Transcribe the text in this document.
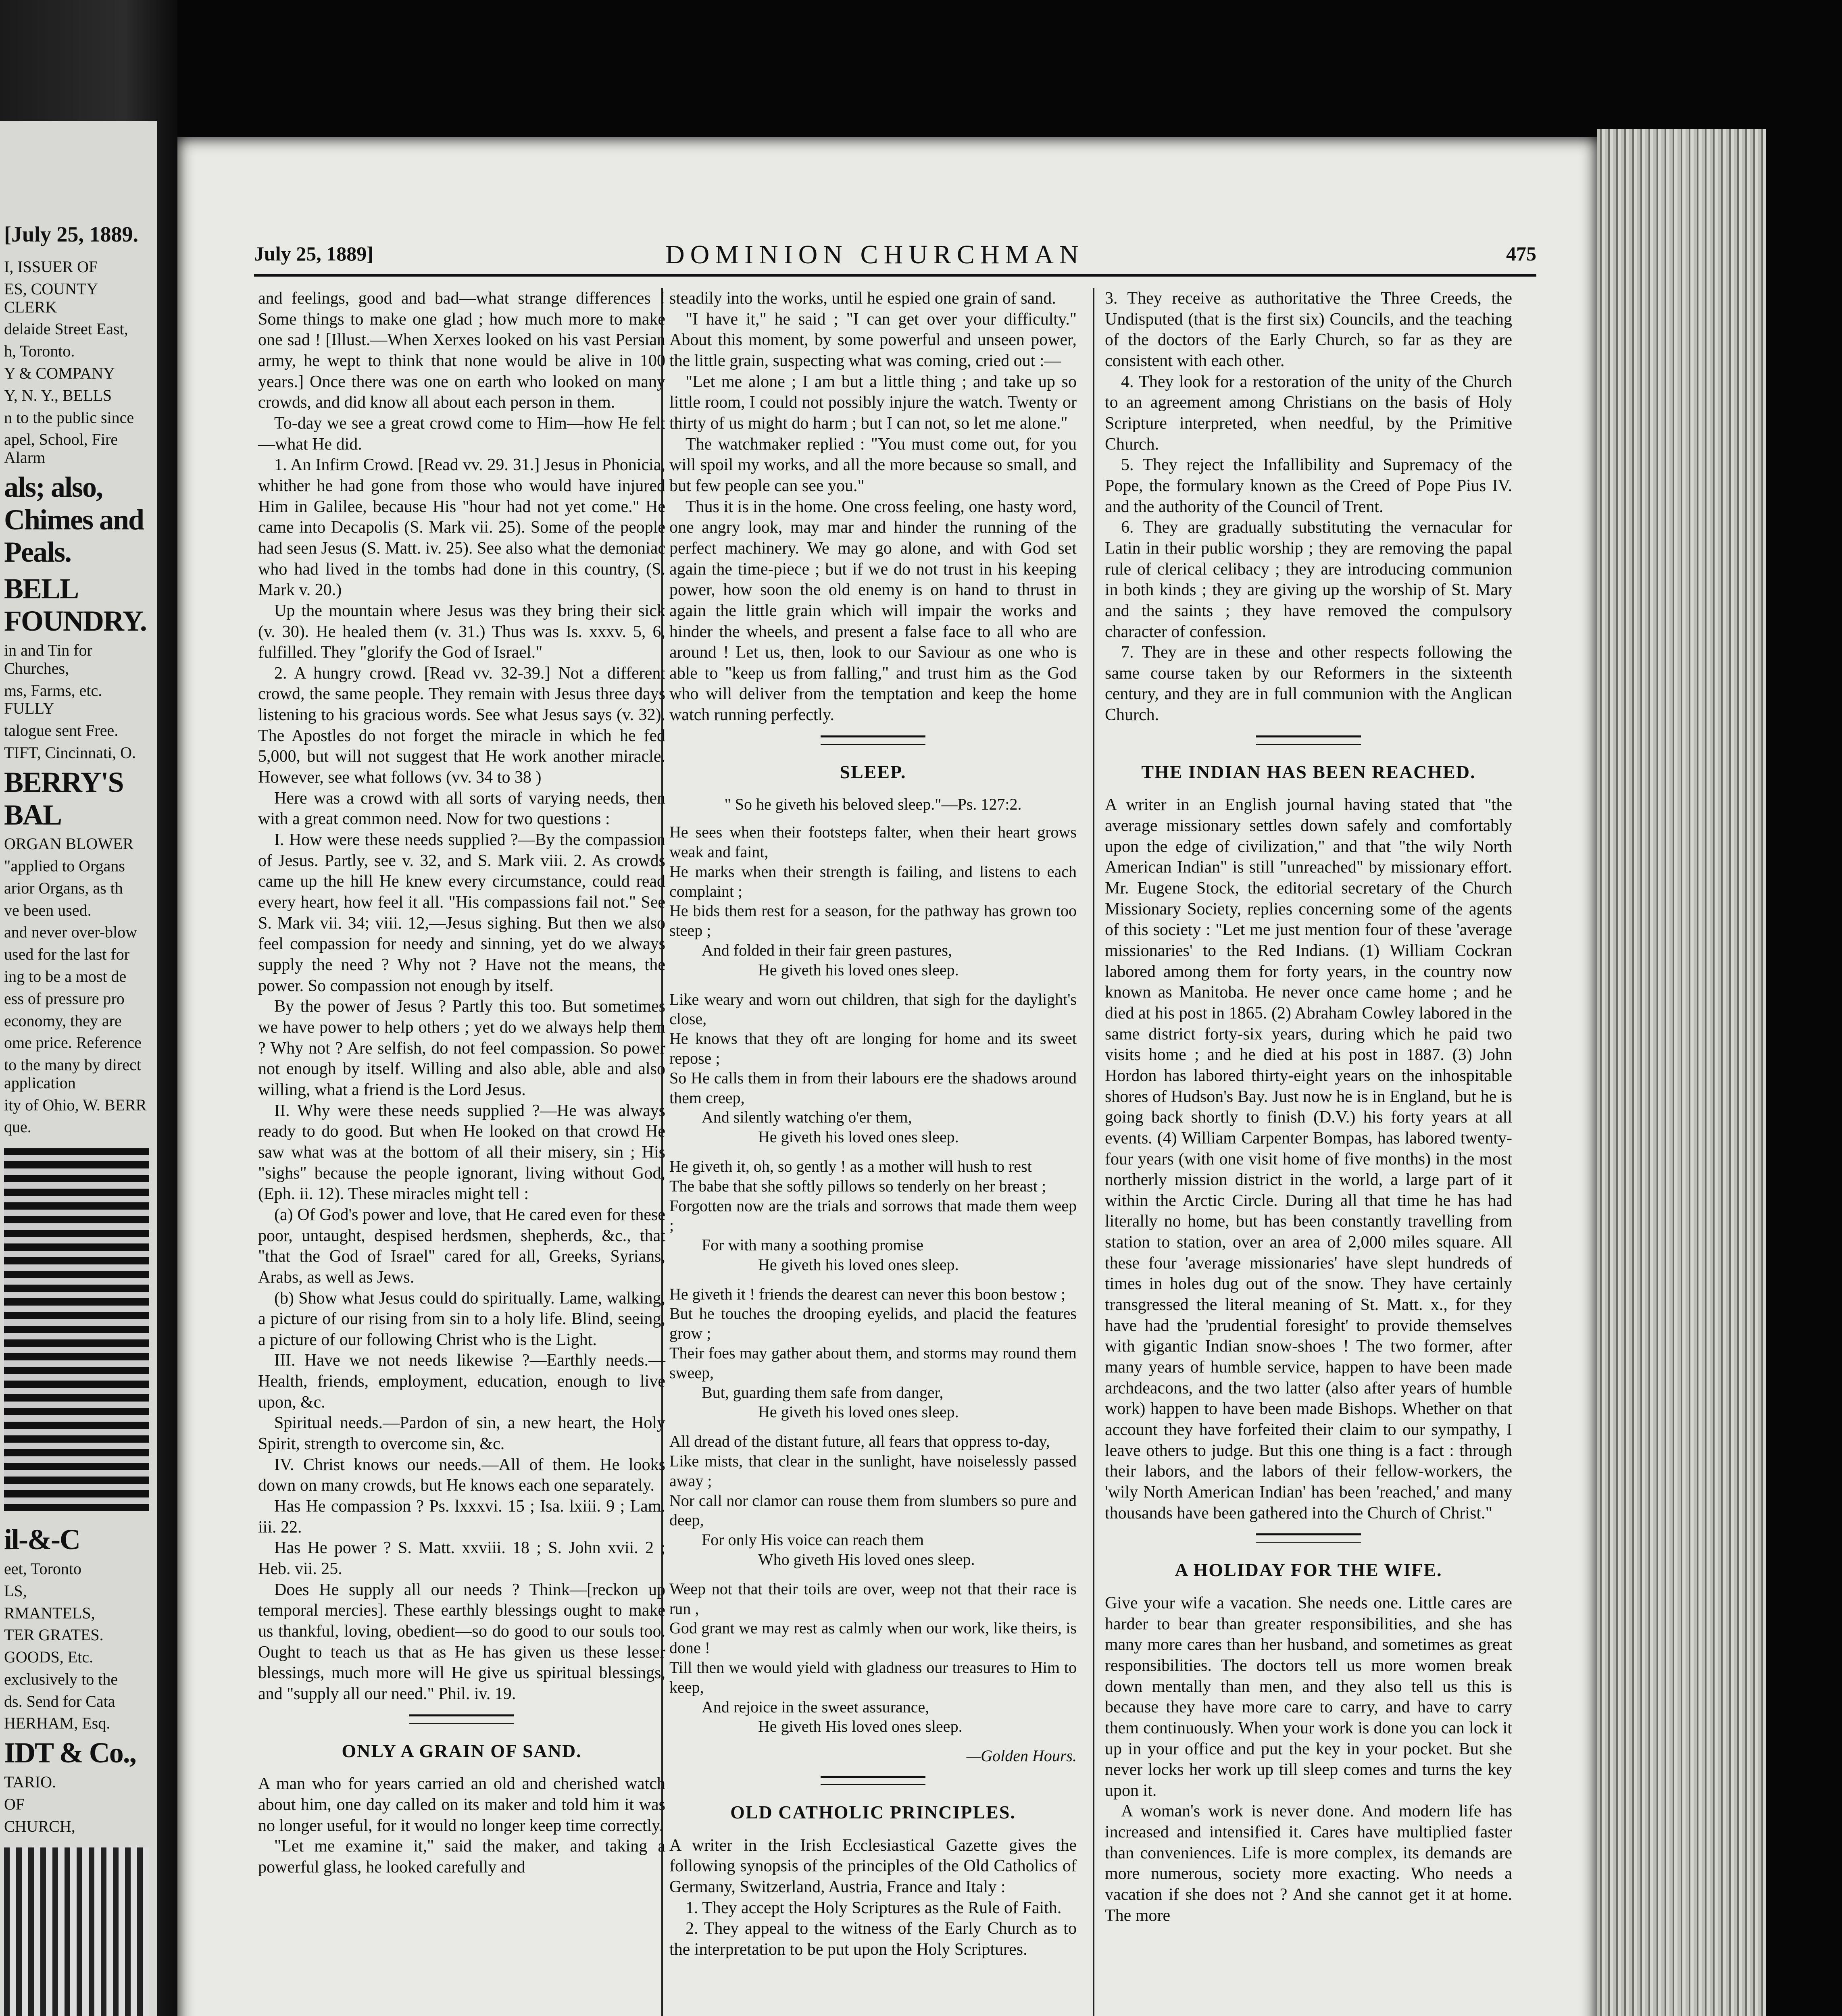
[July 25, 1889.

I, ISSUER OF

ES, COUNTY CLERK

delaide Street East,

h, Toronto.

Y & COMPANY

Y, N. Y., BELLS

n to the public since

apel, School, Fire Alarm

als; also, Chimes and Peals.

BELL FOUNDRY.

in and Tin for Churches,

ms, Farms, etc. FULLY

talogue sent Free.

TIFT, Cincinnati, O.

BERRY'S BAL

ORGAN BLOWER

"applied to Organs

arior Organs, as th

ve been used.

and never over-blow

used for the last for

ing to be a most de

ess of pressure pro

economy, they are

ome price. Reference

to the many by direct application

ity of Ohio, W. BERR

que.

il-&-C

eet, Toronto

LS,

RMANTELS,

TER GRATES.

GOODS, Etc.

exclusively to the

ds. Send for Cata

HERHAM, Esq.

IDT & Co.,

TARIO.

OF

CHURCH,

July 25, 1889]	DOMINION CHURCHMAN	475

and feelings, good and bad—what strange differences ! Some things to make one glad ; how much more to make one sad ! [Illust.—When Xerxes looked on his vast Persian army, he wept to think that none would be alive in 100 years.] Once there was one on earth who looked on many crowds, and did know all about each person in them.

To-day we see a great crowd come to Him—how He felt—what He did.

1. An Infirm Crowd. [Read vv. 29. 31.] Jesus in Phonicia, whither he had gone from those who would have injured Him in Galilee, because His "hour had not yet come." He came into Decapolis (S. Mark vii. 25). Some of the people had seen Jesus (S. Matt. iv. 25). See also what the demoniac who had lived in the tombs had done in this country, (S. Mark v. 20.)

Up the mountain where Jesus was they bring their sick (v. 30). He healed them (v. 31.) Thus was Is. xxxv. 5, 6, fulfilled. They "glorify the God of Israel."

2. A hungry crowd. [Read vv. 32-39.] Not a different crowd, the same people. They remain with Jesus three days listening to his gracious words. See what Jesus says (v. 32). The Apostles do not forget the miracle in which he fed 5,000, but will not suggest that He work another miracle. However, see what follows (vv. 34 to 38 )

Here was a crowd with all sorts of varying needs, then with a great common need. Now for two questions :

I. How were these needs supplied ?—By the compassion of Jesus. Partly, see v. 32, and S. Mark viii. 2. As crowds came up the hill He knew every circumstance, could read every heart, how feel it all. "His compassions fail not." See S. Mark vii. 34; viii. 12,—Jesus sighing. But then we also feel compassion for needy and sinning, yet do we always supply the need ? Why not ? Have not the means, the power. So compassion not enough by itself.

By the power of Jesus ? Partly this too. But sometimes we have power to help others ; yet do we always help them ? Why not ? Are selfish, do not feel compassion. So power not enough by itself. Willing and also able, able and also willing, what a friend is the Lord Jesus.

II. Why were these needs supplied ?—He was always ready to do good. But when He looked on that crowd He saw what was at the bottom of all their misery, sin ; His "sighs" because the people ignorant, living without God, (Eph. ii. 12). These miracles might tell :

(a) Of God's power and love, that He cared even for these poor, untaught, despised herdsmen, shepherds, &c., that "that the God of Israel" cared for all, Greeks, Syrians, Arabs, as well as Jews.

(b) Show what Jesus could do spiritually. Lame, walking, a picture of our rising from sin to a holy life. Blind, seeing, a picture of our following Christ who is the Light.

III. Have we not needs likewise ?—Earthly needs.—Health, friends, employment, education, enough to live upon, &c.

Spiritual needs.—Pardon of sin, a new heart, the Holy Spirit, strength to overcome sin, &c.

IV. Christ knows our needs.—All of them. He looks down on many crowds, but He knows each one separately.

Has He compassion ? Ps. lxxxvi. 15 ; Isa. lxiii. 9 ; Lam. iii. 22.

Has He power ? S. Matt. xxviii. 18 ; S. John xvii. 2 ; Heb. vii. 25.

Does He supply all our needs ? Think—[reckon up temporal mercies]. These earthly blessings ought to make us thankful, loving, obedient—so do good to our souls too. Ought to teach us that as He has given us these lesser blessings, much more will He give us spiritual blessings, and "supply all our need." Phil. iv. 19.

ONLY A GRAIN OF SAND.

A man who for years carried an old and cherished watch about him, one day called on its maker and told him it was no longer useful, for it would no longer keep time correctly.

"Let me examine it," said the maker, and taking a powerful glass, he looked carefully and

steadily into the works, until he espied one grain of sand.

"I have it," he said ; "I can get over your difficulty." About this moment, by some powerful and unseen power, the little grain, suspecting what was coming, cried out :—

"Let me alone ; I am but a little thing ; and take up so little room, I could not possibly injure the watch. Twenty or thirty of us might do harm ; but I can not, so let me alone."

The watchmaker replied : "You must come out, for you will spoil my works, and all the more because so small, and but few people can see you."

Thus it is in the home. One cross feeling, one hasty word, one angry look, may mar and hinder the running of the perfect machinery. We may go alone, and with God set again the time-piece ; but if we do not trust in his keeping power, how soon the old enemy is on hand to thrust in again the little grain which will impair the works and hinder the wheels, and present a false face to all who are around ! Let us, then, look to our Saviour as one who is able to "keep us from falling," and trust him as the God who will deliver from the temptation and keep the home watch running perfectly.

SLEEP.
" So he giveth his beloved sleep."—Ps. 127:2.
He sees when their footsteps falter, when their heart grows weak and faint,
He marks when their strength is failing, and listens to each complaint ;
He bids them rest for a season, for the pathway has grown too steep ;
And folded in their fair green pastures,
He giveth his loved ones sleep.
Like weary and worn out children, that sigh for the daylight's close,
He knows that they oft are longing for home and its sweet repose ;
So He calls them in from their labours ere the shadows around them creep,
And silently watching o'er them,
He giveth his loved ones sleep.
He giveth it, oh, so gently ! as a mother will hush to rest
The babe that she softly pillows so tenderly on her breast ;
Forgotten now are the trials and sorrows that made them weep ;
For with many a soothing promise
He giveth his loved ones sleep.
He giveth it ! friends the dearest can never this boon bestow ;
But he touches the drooping eyelids, and placid the features grow ;
Their foes may gather about them, and storms may round them sweep,
But, guarding them safe from danger,
He giveth his loved ones sleep.
All dread of the distant future, all fears that oppress to-day,
Like mists, that clear in the sunlight, have noiselessly passed away ;
Nor call nor clamor can rouse them from slumbers so pure and deep,
For only His voice can reach them
Who giveth His loved ones sleep.
Weep not that their toils are over, weep not that their race is run ,
God grant we may rest as calmly when our work, like theirs, is done !
Till then we would yield with gladness our treasures to Him to keep,
And rejoice in the sweet assurance,
He giveth His loved ones sleep.
—Golden Hours.
OLD CATHOLIC PRINCIPLES.

A writer in the Irish Ecclesiastical Gazette gives the following synopsis of the principles of the Old Catholics of Germany, Switzerland, Austria, France and Italy :

1. They accept the Holy Scriptures as the Rule of Faith.

2. They appeal to the witness of the Early Church as to the interpretation to be put upon the Holy Scriptures.

3. They receive as authoritative the Three Creeds, the Undisputed (that is the first six) Councils, and the teaching of the doctors of the Early Church, so far as they are consistent with each other.

4. They look for a restoration of the unity of the Church to an agreement among Christians on the basis of Holy Scripture interpreted, when needful, by the Primitive Church.

5. They reject the Infallibility and Supremacy of the Pope, the formulary known as the Creed of Pope Pius IV. and the authority of the Council of Trent.

6. They are gradually substituting the vernacular for Latin in their public worship ; they are removing the papal rule of clerical celibacy ; they are introducing communion in both kinds ; they are giving up the worship of St. Mary and the saints ; they have removed the compulsory character of confession.

7. They are in these and other respects following the same course taken by our Reformers in the sixteenth century, and they are in full communion with the Anglican Church.

THE INDIAN HAS BEEN REACHED.

A writer in an English journal having stated that "the average missionary settles down safely and comfortably upon the edge of civilization," and that "the wily North American Indian" is still "unreached" by missionary effort. Mr. Eugene Stock, the editorial secretary of the Church Missionary Society, replies concerning some of the agents of this society : "Let me just mention four of these 'average missionaries' to the Red Indians. (1) William Cockran labored among them for forty years, in the country now known as Manitoba. He never once came home ; and he died at his post in 1865. (2) Abraham Cowley labored in the same district forty-six years, during which he paid two visits home ; and he died at his post in 1887. (3) John Hordon has labored thirty-eight years on the inhospitable shores of Hudson's Bay. Just now he is in England, but he is going back shortly to finish (D.V.) his forty years at all events. (4) William Carpenter Bompas, has labored twenty-four years (with one visit home of five months) in the most northerly mission district in the world, a large part of it within the Arctic Circle. During all that time he has had literally no home, but has been constantly travelling from station to station, over an area of 2,000 miles square. All these four 'average missionaries' have slept hundreds of times in holes dug out of the snow. They have certainly transgressed the literal meaning of St. Matt. x., for they have had the 'prudential foresight' to provide themselves with gigantic Indian snow-shoes ! The two former, after many years of humble service, happen to have been made archdeacons, and the two latter (also after years of humble work) happen to have been made Bishops. Whether on that account they have forfeited their claim to our sympathy, I leave others to judge. But this one thing is a fact : through their labors, and the labors of their fellow-workers, the 'wily North American Indian' has been 'reached,' and many thousands have been gathered into the Church of Christ."

A HOLIDAY FOR THE WIFE.

Give your wife a vacation. She needs one. Little cares are harder to bear than greater responsibilities, and she has many more cares than her husband, and sometimes as great responsibilities. The doctors tell us more women break down mentally than men, and they also tell us this is because they have more care to carry, and have to carry them continuously. When your work is done you can lock it up in your office and put the key in your pocket. But she never locks her work up till sleep comes and turns the key upon it.

A woman's work is never done. And modern life has increased and intensified it. Cares have multiplied faster than conveniences. Life is more complex, its demands are more numerous, society more exacting. Who needs a vacation if she does not ? And she cannot get it at home. The more
